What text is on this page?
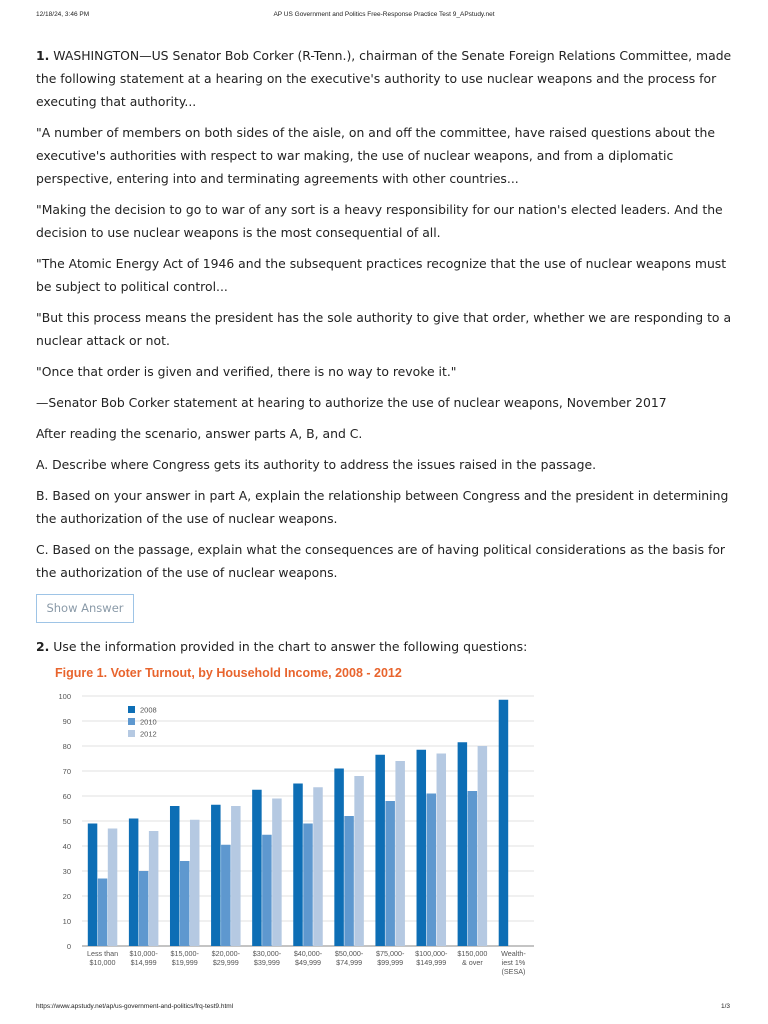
12/18/24, 3:46 PM	AP US Government and Politics Free-Response Practice Test 9_APstudy.net

1. WASHINGTON—US Senator Bob Corker (R-Tenn.), chairman of the Senate Foreign Relations Committee, made the following statement at a hearing on the executive's authority to use nuclear weapons and the process for executing that authority...

"A number of members on both sides of the aisle, on and off the committee, have raised questions about the executive's authorities with respect to war making, the use of nuclear weapons, and from a diplomatic perspective, entering into and terminating agreements with other countries...

"Making the decision to go to war of any sort is a heavy responsibility for our nation's elected leaders. And the decision to use nuclear weapons is the most consequential of all.

"The Atomic Energy Act of 1946 and the subsequent practices recognize that the use of nuclear weapons must be subject to political control...

"But this process means the president has the sole authority to give that order, whether we are responding to a nuclear attack or not.

"Once that order is given and verified, there is no way to revoke it."

—Senator Bob Corker statement at hearing to authorize the use of nuclear weapons, November 2017

After reading the scenario, answer parts A, B, and C.

A. Describe where Congress gets its authority to address the issues raised in the passage.

B. Based on your answer in part A, explain the relationship between Congress and the president in determining the authorization of the use of nuclear weapons.

C. Based on the passage, explain what the consequences are of having political considerations as the basis for the authorization of the use of nuclear weapons.

Show Answer

2. Use the information provided in the chart to answer the following questions:

Figure 1. Voter Turnout, by Household Income, 2008 - 2012
0
10
20
30
40
50
60
70
80
90
100
Less than
$10,000
$10,000-
$14,999
$15,000-
$19,999
$20,000-
$29,999
$30,000-
$39,999
$40,000-
$49,999
$50,000-
$74,999
$75,000-
$99,999
$100,000-
$149,999
$150,000
& over
Wealth-
iest 1%
(SESA)
2008
2010
2012
https://www.apstudy.net/ap/us-government-and-politics/frq-test9.html	1/3
